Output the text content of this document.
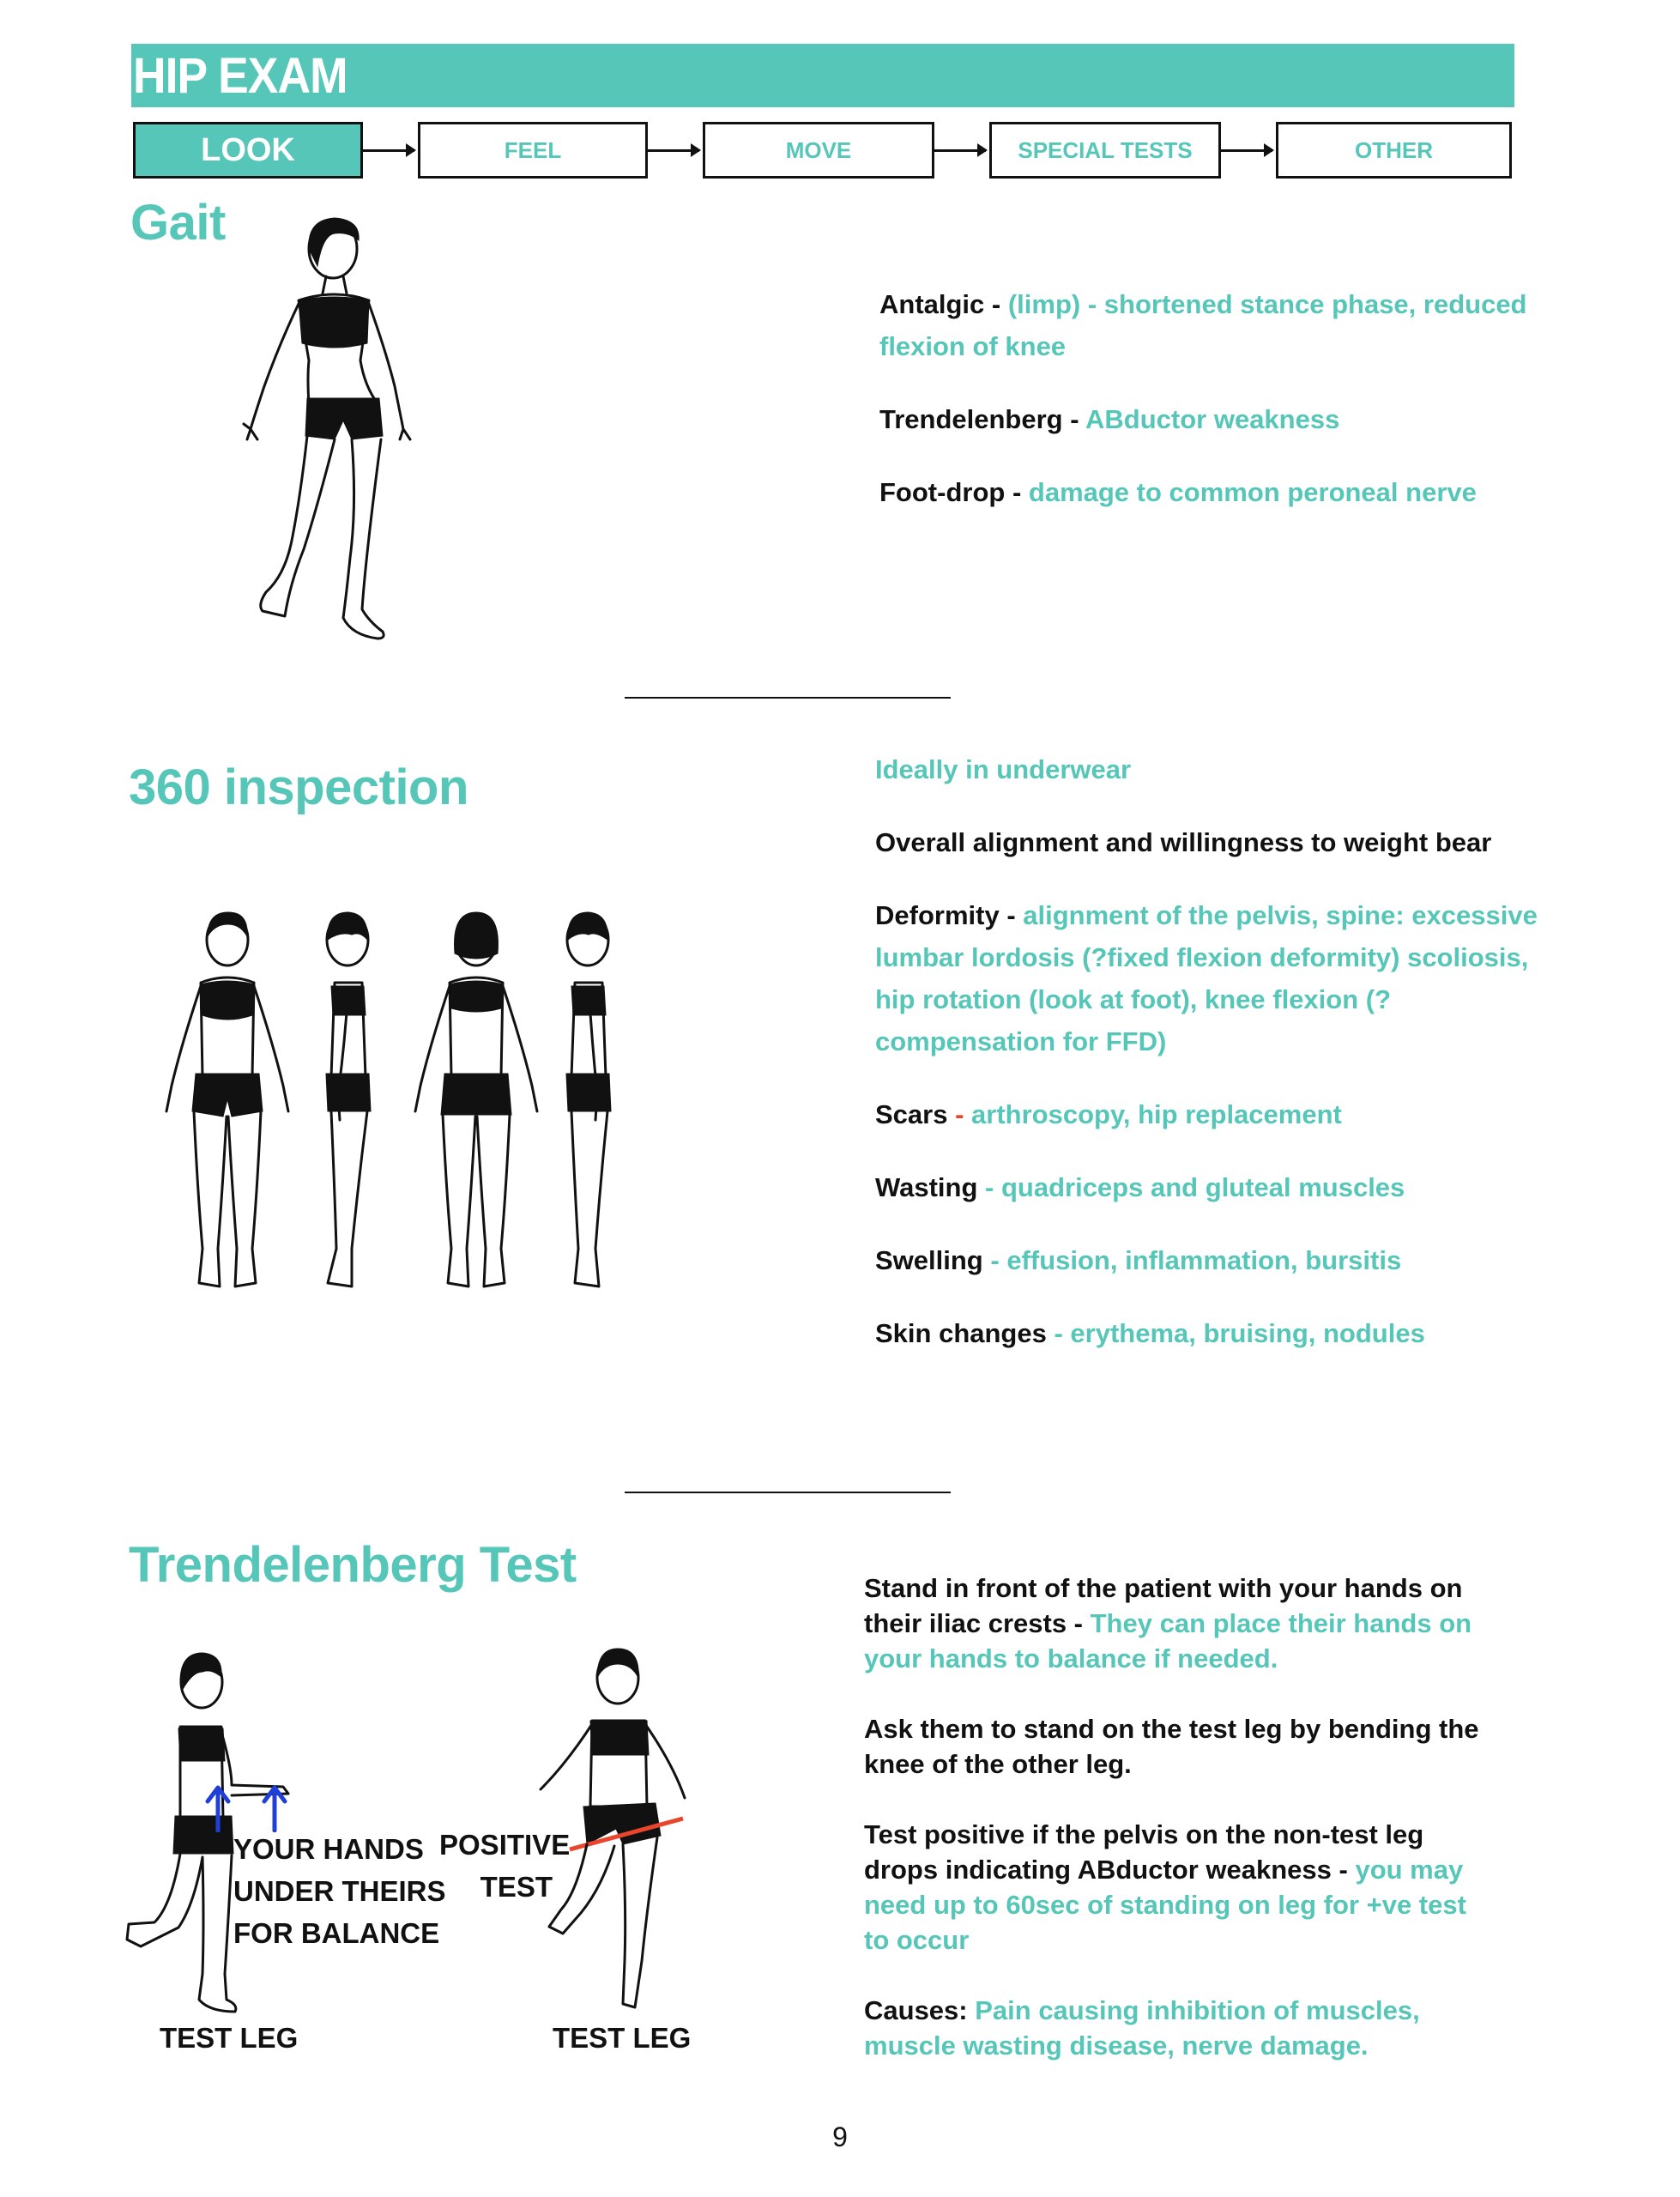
HIP EXAM
LOOK	FEEL	MOVE	SPECIAL TESTS	OTHER
Gait

Antalgic - (limp) - shortened stance phase, reduced flexion of knee

Trendelenberg - ABductor weakness

Foot-drop - damage to common peroneal nerve

360 inspection	Ideally in underwear

Overall alignment and willingness to weight bear

Deformity - alignment of the pelvis, spine: excessive lumbar lordosis (?fixed flexion deformity) scoliosis, hip rotation (look at foot), knee flexion (?compensation for FFD)

Scars - arthroscopy, hip replacement

Wasting - quadriceps and gluteal muscles

Swelling - effusion, inflammation, bursitis

Skin changes - erythema, bruising, nodules

Trendelenberg Test
YOUR HANDS
UNDER THEIRS
FOR BALANCE
POSITIVE
TEST
TEST LEG	TEST LEG

Stand in front of the patient with your hands on their iliac crests - They can place their hands on your hands to balance if needed.

Ask them to stand on the test leg by bending the knee of the other leg.

Test positive if the pelvis on the non-test leg drops indicating ABductor weakness - you may need up to 60sec of standing on leg for +ve test to occur

Causes: Pain causing inhibition of muscles, muscle wasting disease, nerve damage.

9
